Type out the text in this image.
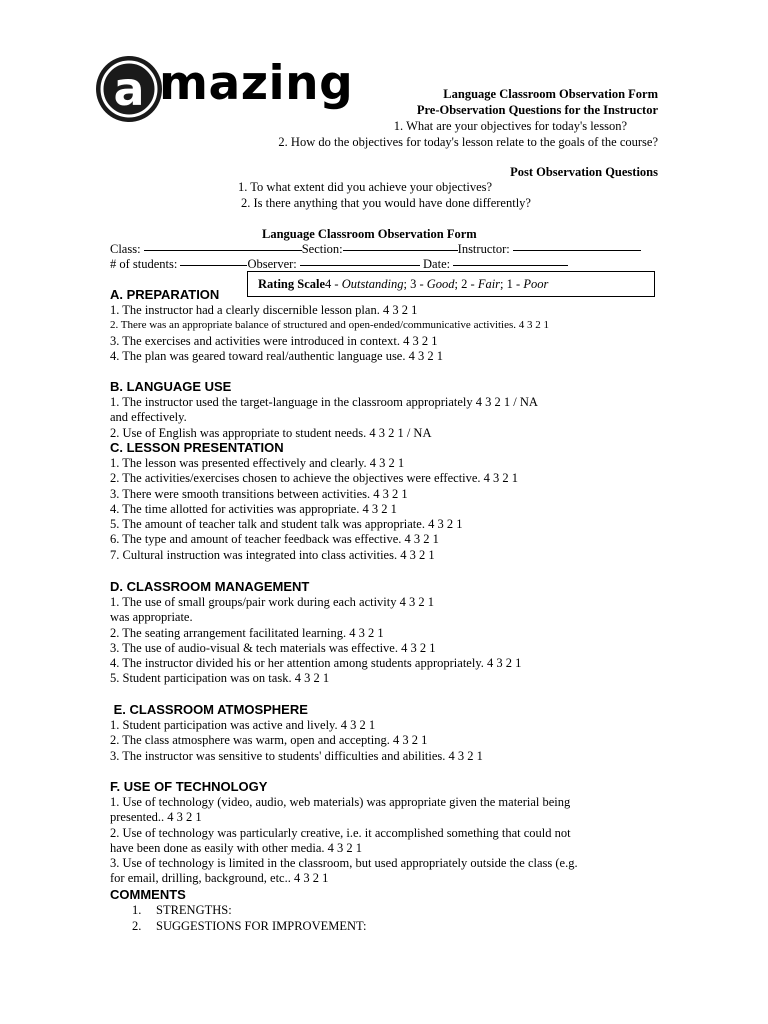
a mazing	Language Classroom Observation Form
Pre-Observation Questions for the Instructor
1. What are your objectives for today's lesson?
2. How do the objectives for today's lesson relate to the goals of the course?
Post Observation Questions
1. To what extent did you achieve your objectives?
2. Is there anything that you would have done differently?
Language Classroom Observation Form
Class:	Section:	Instructor:
# of students:	Observer:	Date:
Rating Scale4 - Outstanding; 3 - Good; 2 - Fair; 1 - Poor
A. PREPARATION
1. The instructor had a clearly discernible lesson plan. 4 3 2 1
2. There was an appropriate balance of structured and open-ended/communicative activities. 4 3 2 1
3. The exercises and activities were introduced in context. 4 3 2 1
4. The plan was geared toward real/authentic language use. 4 3 2 1
B. LANGUAGE USE
1. The instructor used the target-language in the classroom appropriately 4 3 2 1 / NA
and effectively.
2. Use of English was appropriate to student needs. 4 3 2 1 / NA
C. LESSON PRESENTATION
1. The lesson was presented effectively and clearly. 4 3 2 1
2. The activities/exercises chosen to achieve the objectives were effective. 4 3 2 1
3. There were smooth transitions between activities. 4 3 2 1
4. The time allotted for activities was appropriate. 4 3 2 1
5. The amount of teacher talk and student talk was appropriate. 4 3 2 1
6. The type and amount of teacher feedback was effective. 4 3 2 1
7. Cultural instruction was integrated into class activities. 4 3 2 1
D. CLASSROOM MANAGEMENT
1. The use of small groups/pair work during each activity 4 3 2 1
was appropriate.
2. The seating arrangement facilitated learning. 4 3 2 1
3. The use of audio-visual & tech materials was effective. 4 3 2 1
4. The instructor divided his or her attention among students appropriately. 4 3 2 1
5. Student participation was on task. 4 3 2 1
E. CLASSROOM ATMOSPHERE
1. Student participation was active and lively. 4 3 2 1
2. The class atmosphere was warm, open and accepting. 4 3 2 1
3. The instructor was sensitive to students' difficulties and abilities. 4 3 2 1
F. USE OF TECHNOLOGY
1. Use of technology (video, audio, web materials) was appropriate given the material being
presented.. 4 3 2 1
2. Use of technology was particularly creative, i.e. it accomplished something that could not
have been done as easily with other media. 4 3 2 1
3. Use of technology is limited in the classroom, but used appropriately outside the class (e.g.
for email, drilling, background, etc.. 4 3 2 1
COMMENTS
1. STRENGTHS:
2. SUGGESTIONS FOR IMPROVEMENT:
